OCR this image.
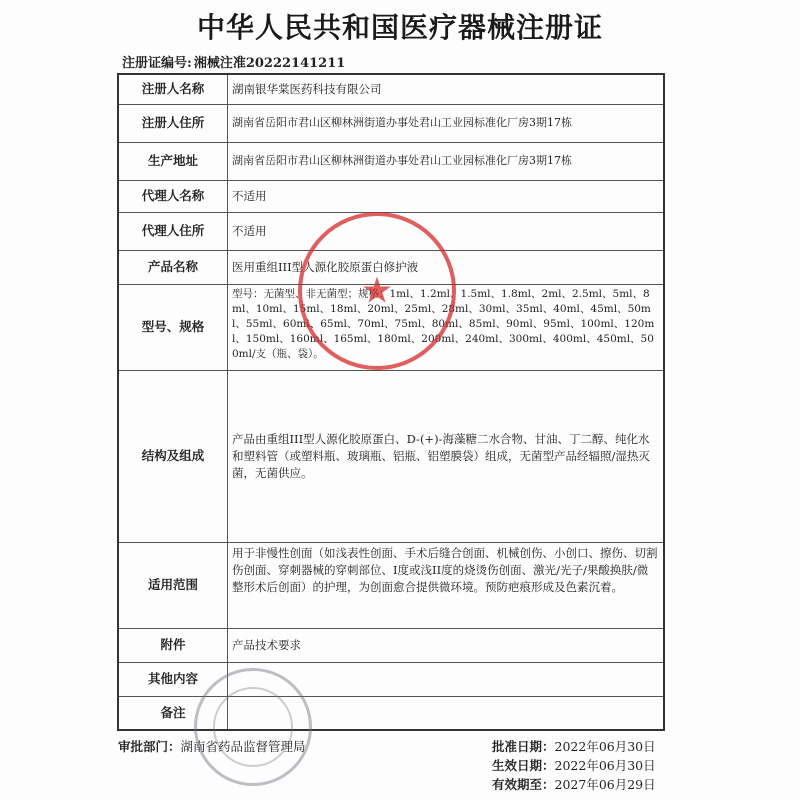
中华人民共和国医疗器械注册证
注册证编号: 湘械注准20222141211
注册人名称	湖南银华棠医药科技有限公司
注册人住所	湖南省岳阳市君山区柳林洲街道办事处君山工业园标准化厂房3期17栋
生产地址	湖南省岳阳市君山区柳林洲街道办事处君山工业园标准化厂房3期17栋
代理人名称	不适用
代理人住所	不适用
产品名称	医用重组III型人源化胶原蛋白修护液
型号、规格	型号：无菌型、非无菌型；规格：1ml、1.2ml、1.5ml、1.8ml、2ml、2.5ml、5ml、8ml、10ml、15ml、18ml、20ml、25ml、28ml、30ml、35ml、40ml、45ml、50ml、55ml、60ml、65ml、70ml、75ml、80ml、85ml、90ml、95ml、100ml、120ml、150ml、160ml、165ml、180ml、200ml、240ml、300ml、400ml、450ml、500ml/支（瓶、袋）。
结构及组成	产品由重组III型人源化胶原蛋白、D-(+)-海藻糖二水合物、甘油、丁二醇、纯化水和塑料管（或塑料瓶、玻璃瓶、铝瓶、铝塑膜袋）组成，无菌型产品经辐照/湿热灭菌，无菌供应。
适用范围	用于非慢性创面（如浅表性创面、手术后缝合创面、机械创伤、小创口、擦伤、切割伤创面、穿刺器械的穿刺部位、I度或浅II度的烧烫伤创面、激光/光子/果酸换肤/微整形术后创面）的护理，为创面愈合提供微环境。预防疤痕形成及色素沉着。
附件	产品技术要求
其他内容	
备注	
审批部门：湖南省药品监督管理局	批准日期：2022年06月30日
生效日期：2022年06月30日
有效期至：2027年06月29日
★
